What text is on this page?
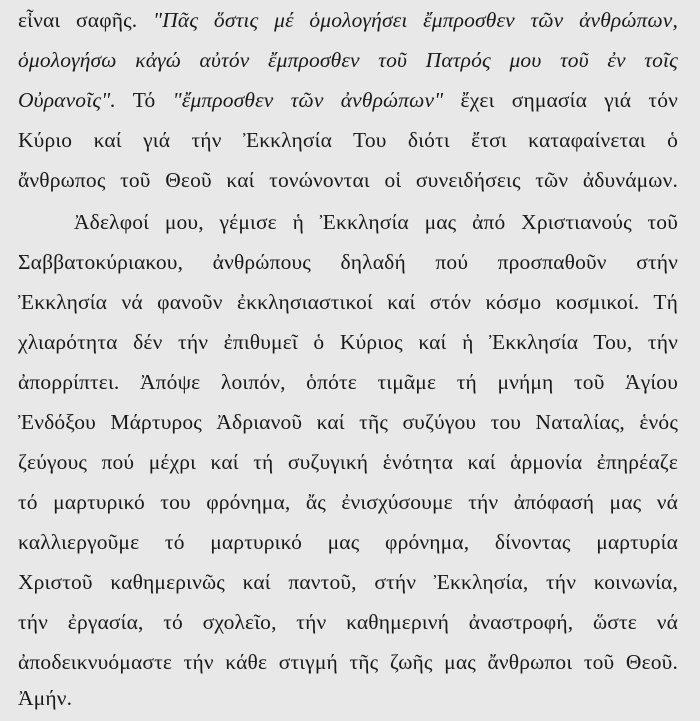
εἶναι σαφῆς. "Πᾶς ὅστις μέ ὁμολογήσει ἔμπροσθεν τῶν ἀνθρώπων,
ὁμολογήσω κἀγώ αὐτόν ἔμπροσθεν τοῦ Πατρός μου τοῦ ἐν τοῖς
Οὐρανοῖς". Τό "ἔμπροσθεν τῶν ἀνθρώπων" ἔχει σημασία γιά τόν
Κύριο καί γιά τήν Ἐκκλησία Του διότι ἔτσι καταφαίνεται ὁ
ἄνθρωπος τοῦ Θεοῦ καί τονώνονται οἱ συνειδήσεις τῶν ἀδυνάμων.
Ἀδελφοί μου, γέμισε ἡ Ἐκκλησία μας ἀπό Χριστιανούς τοῦ
Σαββατοκύριακου, ἀνθρώπους δηλαδή πού προσπαθοῦν στήν
Ἐκκλησία νά φανοῦν ἐκκλησιαστικοί καί στόν κόσμο κοσμικοί. Τή
χλιαρότητα δέν τήν ἐπιθυμεῖ ὁ Κύριος καί ἡ Ἐκκλησία Του, τήν
ἀπορρίπτει. Ἀπόψε λοιπόν, ὁπότε τιμᾶμε τή μνήμη τοῦ Ἁγίου
Ἐνδόξου Μάρτυρος Ἀδριανοῦ καί τῆς συζύγου του Ναταλίας, ἑνός
ζεύγους πού μέχρι καί τή συζυγική ἑνότητα καί ἁρμονία ἐπηρέαζε
τό μαρτυρικό του φρόνημα, ἄς ἐνισχύσουμε τήν ἀπόφασή μας νά
καλλιεργοῦμε τό μαρτυρικό μας φρόνημα, δίνοντας μαρτυρία
Χριστοῦ καθημερινῶς καί παντοῦ, στήν Ἐκκλησία, τήν κοινωνία,
τήν ἐργασία, τό σχολεῖο, τήν καθημερινή ἀναστροφή, ὥστε νά
ἀποδεικνυόμαστε τήν κάθε στιγμή τῆς ζωῆς μας ἄνθρωποι τοῦ Θεοῦ.
Ἀμήν.
